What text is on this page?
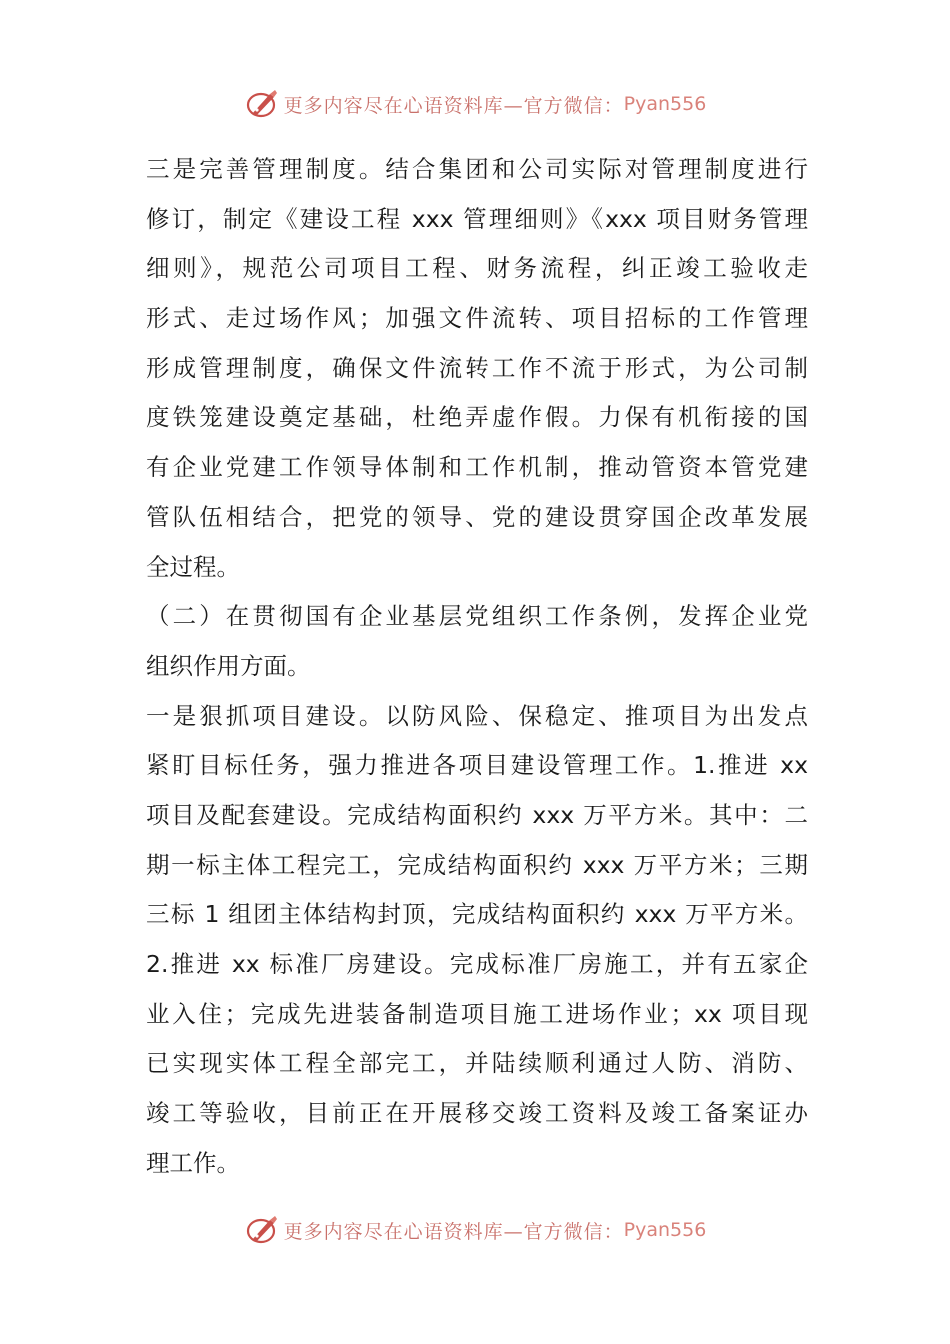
更多内容尽在心语资料库—官方微信： Pyan556
三是完善管理制度。结合集团和公司实际对管理制度进行
修订，制定《建设工程 xxx 管理细则》《xxx 项目财务管理
细则》，规范公司项目工程、财务流程，纠正竣工验收走
形式、走过场作风；加强文件流转、项目招标的工作管理
形成管理制度，确保文件流转工作不流于形式，为公司制
度铁笼建设奠定基础，杜绝弄虚作假。力保有机衔接的国
有企业党建工作领导体制和工作机制，推动管资本管党建
管队伍相结合，把党的领导、党的建设贯穿国企改革发展
全过程。
（二）在贯彻国有企业基层党组织工作条例，发挥企业党
组织作用方面。
一是狠抓项目建设。以防风险、保稳定、推项目为出发点
紧盯目标任务，强力推进各项目建设管理工作。1.推进 xx
项目及配套建设。完成结构面积约 xxx 万平方米。其中：二
期一标主体工程完工，完成结构面积约 xxx 万平方米；三期
三标 1 组团主体结构封顶，完成结构面积约 xxx 万平方米。
2.推进 xx 标准厂房建设。完成标准厂房施工，并有五家企
业入住；完成先进装备制造项目施工进场作业；xx 项目现
已实现实体工程全部完工，并陆续顺利通过人防、消防、
竣工等验收，目前正在开展移交竣工资料及竣工备案证办
理工作。
更多内容尽在心语资料库—官方微信： Pyan556
